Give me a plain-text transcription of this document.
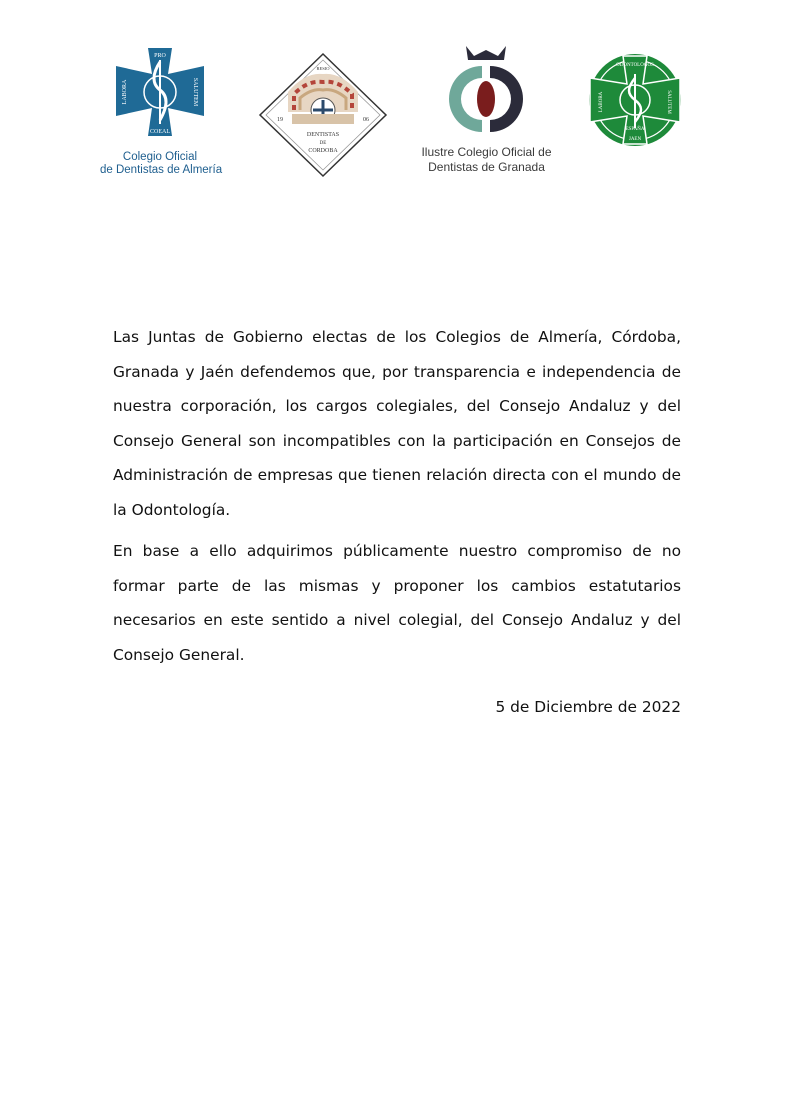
PRO
COEAL
LABORA	SALUTEM
Colegio Oficial
de Dentistas de Almería
RESIO
19	06
DENTISTAS
DE
CORDOBA	Ilustre Colegio Oficial de
Dentistas de Granada
ODONTOLOGOS
LABORA	SALUTEM
ESPAÑA
JAEN

Las Juntas de Gobierno electas de los Colegios de Almería, Córdoba, Granada y Jaén defendemos que, por transparencia e independencia de nuestra corporación, los cargos colegiales, del Consejo Andaluz y del Consejo General son incompatibles con la participación en Consejos de Administración de empresas que tienen relación directa con el mundo de la Odontología.

En base a ello adquirimos públicamente nuestro compromiso de no formar parte de las mismas y proponer los cambios estatutarios necesarios en este sentido a nivel colegial, del Consejo Andaluz y del Consejo General.

5 de Diciembre de 2022
